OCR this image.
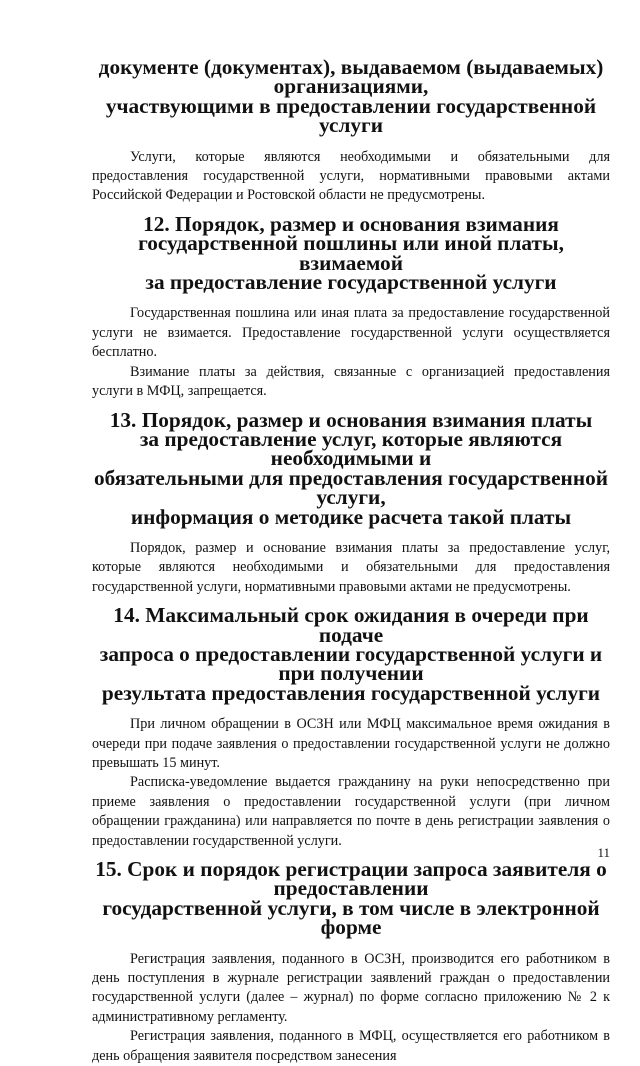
документе (документах), выдаваемом (выдаваемых) организациями,
участвующими в предоставлении государственной услуги

Услуги, которые являются необходимыми и обязательными для предоставления государственной услуги, нормативными правовыми актами Российской Федерации и Ростовской области не предусмотрены.

12. Порядок, размер и основания взимания
государственной пошлины или иной платы, взимаемой
за предоставление государственной услуги

Государственная пошлина или иная плата за предоставление государственной услуги не взимается. Предоставление государственной услуги осуществляется бесплатно.

Взимание платы за действия, связанные с организацией предоставления услуги в МФЦ, запрещается.

13. Порядок, размер и основания взимания платы
за предоставление услуг, которые являются необходимыми и
обязательными для предоставления государственной услуги,
информация о методике расчета такой платы

Порядок, размер и основание взимания платы за предоставление услуг, которые являются необходимыми и обязательными для предоставления государственной услуги, нормативными правовыми актами не предусмотрены.

14. Максимальный срок ожидания в очереди при подаче
запроса о предоставлении государственной услуги и при получении
результата предоставления государственной услуги

При личном обращении в ОСЗН или МФЦ максимальное время ожидания в очереди при подаче заявления о предоставлении государственной услуги не должно превышать 15 минут.

Расписка-уведомление выдается гражданину на руки непосредственно при приеме заявления о предоставлении государственной услуги (при личном обращении гражданина) или направляется по почте в день регистрации заявления о предоставлении государственной услуги.

15. Срок и порядок регистрации запроса заявителя о предоставлении
государственной услуги, в том числе в электронной форме

Регистрация заявления, поданного в ОСЗН, производится его работником в день поступления в журнале регистрации заявлений граждан о предоставлении государственной услуги (далее – журнал) по форме согласно приложению № 2 к административному регламенту.

Регистрация заявления, поданного в МФЦ, осуществляется его работником в день обращения заявителя посредством занесения

11
